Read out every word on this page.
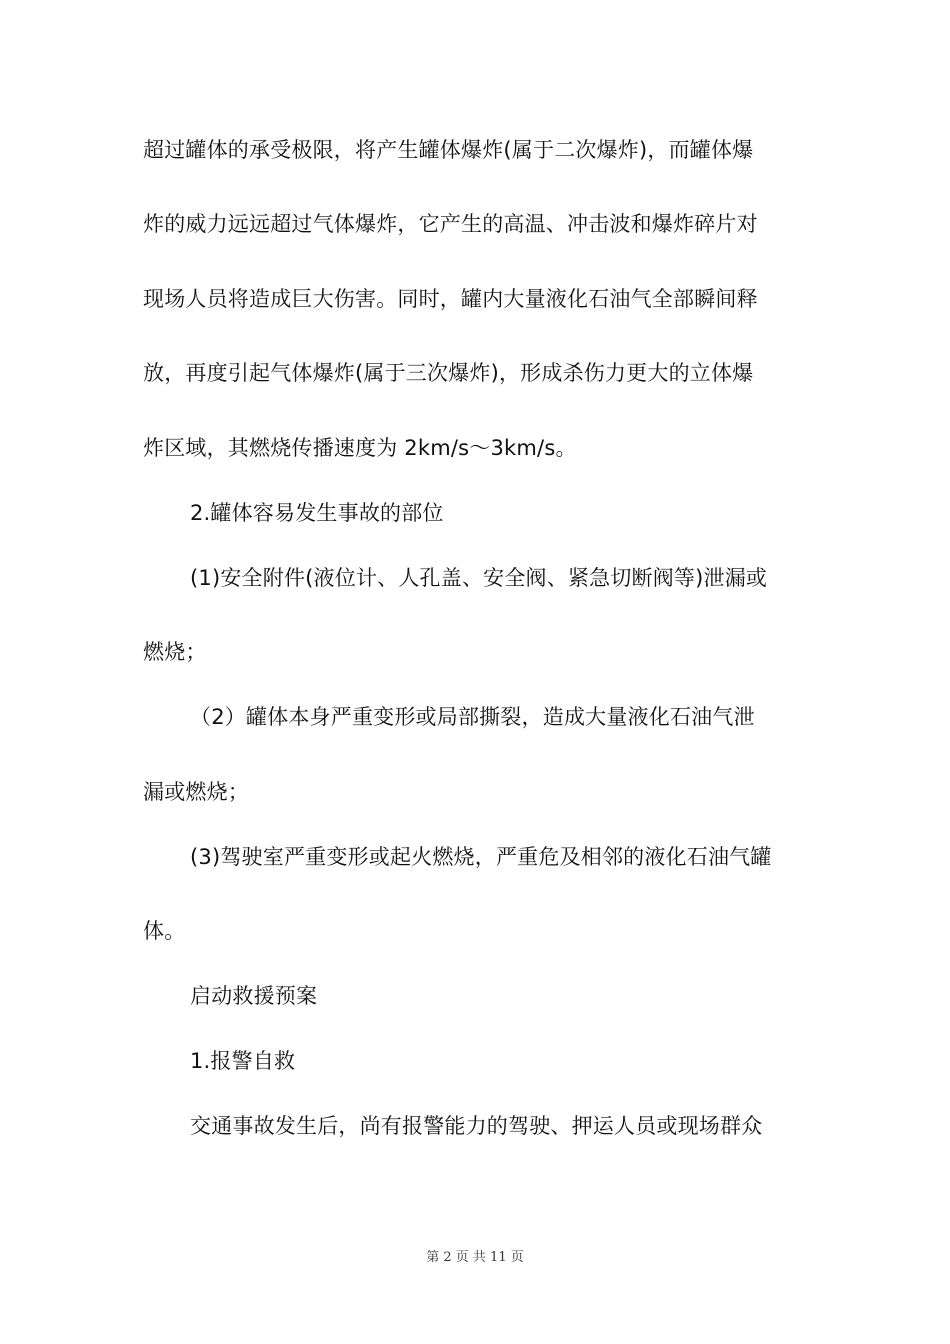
超过罐体的承受极限，将产生罐体爆炸(属于二次爆炸)，而罐体爆
炸的威力远远超过气体爆炸，它产生的高温、冲击波和爆炸碎片对
现场人员将造成巨大伤害。同时，罐内大量液化石油气全部瞬间释
放，再度引起气体爆炸(属于三次爆炸)，形成杀伤力更大的立体爆
炸区域，其燃烧传播速度为 2km/s～3km/s。
2.罐体容易发生事故的部位
(1)安全附件(液位计、人孔盖、安全阀、紧急切断阀等)泄漏或
燃烧；
（2）罐体本身严重变形或局部撕裂，造成大量液化石油气泄
漏或燃烧；
(3)驾驶室严重变形或起火燃烧，严重危及相邻的液化石油气罐
体。
启动救援预案
1.报警自救
交通事故发生后，尚有报警能力的驾驶、押运人员或现场群众
第 2 页 共 11 页
